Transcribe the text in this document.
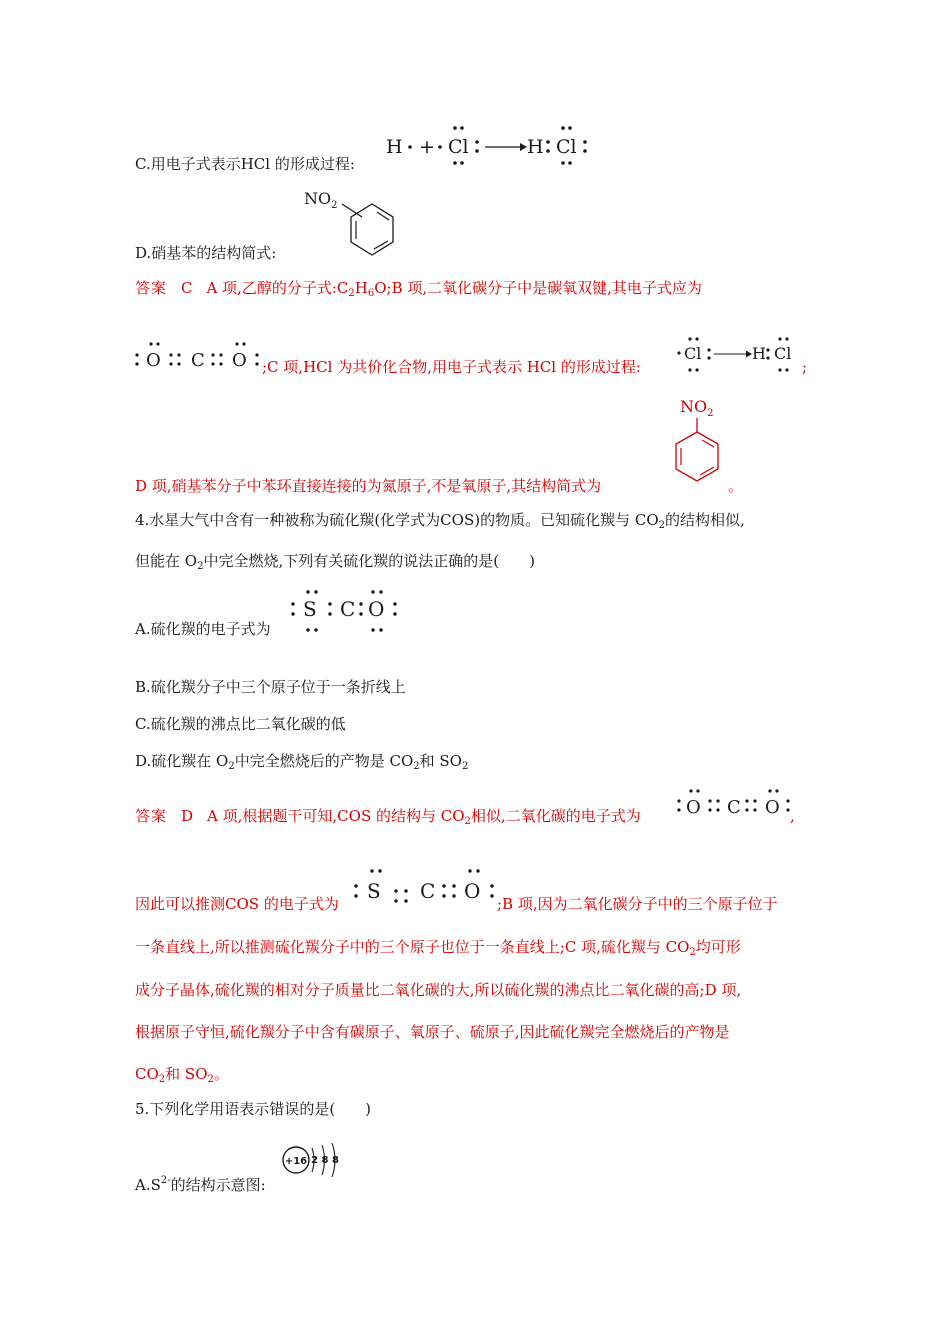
C.用电子式表示HCl 的形成过程:
H + Cl	H Cl
D.硝基苯的结构简式:
$NO_2$
答案 C A 项,乙醇的分子式$:C_2H_6O;B$ 项,二氧化碳分子中是碳氧双键,其电子式应为
O C O ;C 项,HCl 为共价化合物,用电子式表示 HCl 的形成过程:
Cl	H Cl
;
$NO_2$
D 项,硝基苯分子中苯环直接连接的为氮原子,不是氧原子,其结构简式为	。
4.水星大气中含有一种被称为硫化羰(化学式为COS)的物质。已知硫化羰与 $CO_2$的结构相似,
但能在 $O_2$中完全燃烧,下列有关硫化羰的说法正确的是(　　)
A.硫化羰的电子式为
S C O
B.硫化羰分子中三个原子位于一条折线上
C.硫化羰的沸点比二氧化碳的低
D.硫化羰在 $O_2$中完全燃烧后的产物是 $CO_2$和 $SO_2$
答案 D A 项,根据题干可知,COS 的结构与 $CO_2$相似,二氧化碳的电子式为	O C O ,
因此可以推测COS 的电子式为
S C O
;B 项,因为二氧化碳分子中的三个原子位于
一条直线上,所以推测硫化羰分子中的三个原子也位于一条直线上;C 项,硫化羰与 $CO_2$均可形
成分子晶体,硫化羰的相对分子质量比二氧化碳的大,所以硫化羰的沸点比二氧化碳的高;D 项,
根据原子守恒,硫化羰分子中含有碳原子、氧原子、硫原子,因此硫化羰完全燃烧后的产物是
$CO_2$和 $SO_2$。
5.下列化学用语表示错误的是(　　)
$A.S^{2-}$的结构示意图:
+16 2 8 8
